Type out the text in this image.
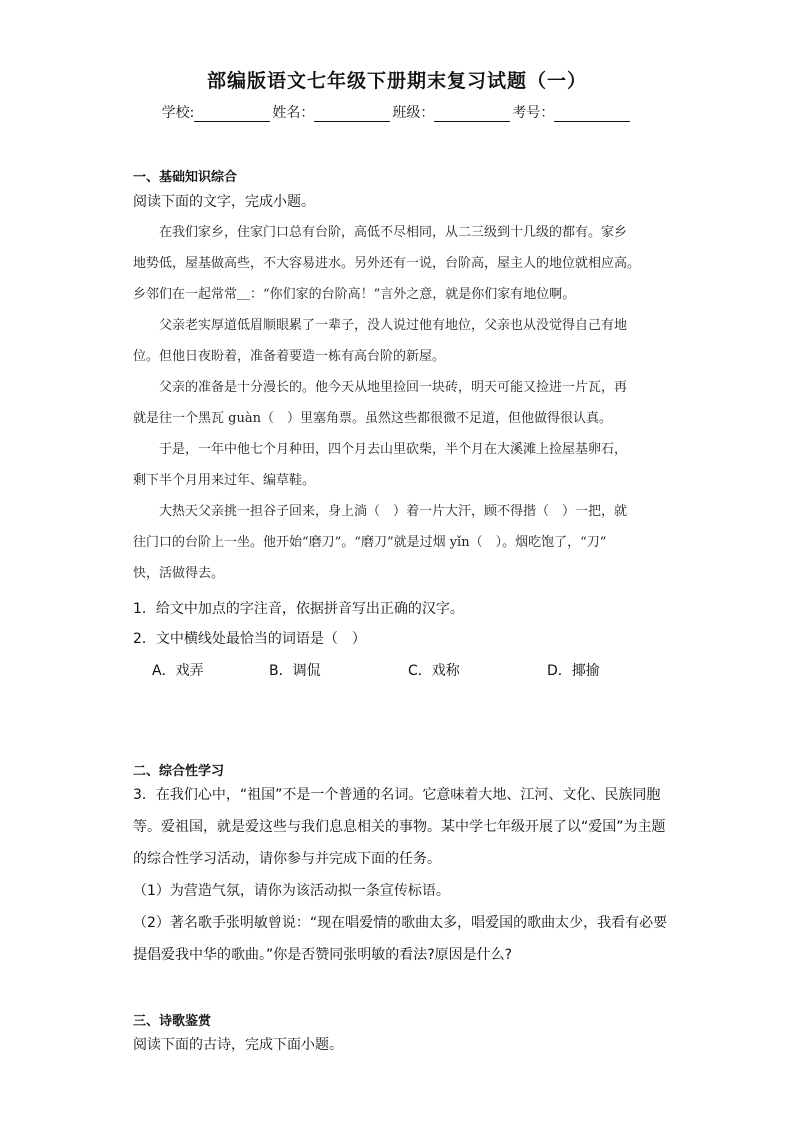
部编版语文七年级下册期末复习试题（一）
学校:	姓名：	班级：	考号：
一、基础知识综合
阅读下面的文字，完成小题。
　　在我们家乡，住家门口总有台阶，高低不尽相同，从二三级到十几级的都有。家乡
地势低，屋基做高些，不大容易进水。另外还有一说，台阶高，屋主人的地位就相应高。
乡邻们在一起常常＿：“你们家的台阶高！”言外之意，就是你们家有地位啊。
　　父亲老实厚道低眉顺眼累了一辈子，没人说过他有地位，父亲也从没觉得自己有地
位。但他日夜盼着，准备着要造一栋有高台阶的新屋。
　　父亲的准备是十分漫长的。他今天从地里捡回一块砖，明天可能又捡进一片瓦，再
就是往一个黑瓦 guàn（　）里塞角票。虽然这些都很微不足道，但他做得很认真。
　　于是，一年中他七个月种田，四个月去山里砍柴，半个月在大溪滩上捡屋基卵石，
剩下半个月用来过年、编草鞋。
　　大热天父亲挑一担谷子回来，身上淌（　）着一片大汗，顾不得揩（　）一把，就
往门口的台阶上一坐。他开始“磨刀”。“磨刀”就是过烟 yǐn（　）。烟吃饱了，“刀”
快，活做得去。
1．给文中加点的字注音，依据拼音写出正确的汉字。
2．文中横线处最恰当的词语是（　）
A．戏弄	B．调侃	C．戏称	D．揶揄
二、综合性学习
3．在我们心中，“祖国”不是一个普通的名词。它意味着大地、江河、文化、民族同胞
等。爱祖国，就是爱这些与我们息息相关的事物。某中学七年级开展了以“爱国”为主题
的综合性学习活动，请你参与并完成下面的任务。
（1）为营造气氛，请你为该活动拟一条宣传标语。
（2）著名歌手张明敏曾说：“现在唱爱情的歌曲太多，唱爱国的歌曲太少，我看有必要
提倡爱我中华的歌曲。”你是否赞同张明敏的看法?原因是什么?
三、诗歌鉴赏
阅读下面的古诗，完成下面小题。
